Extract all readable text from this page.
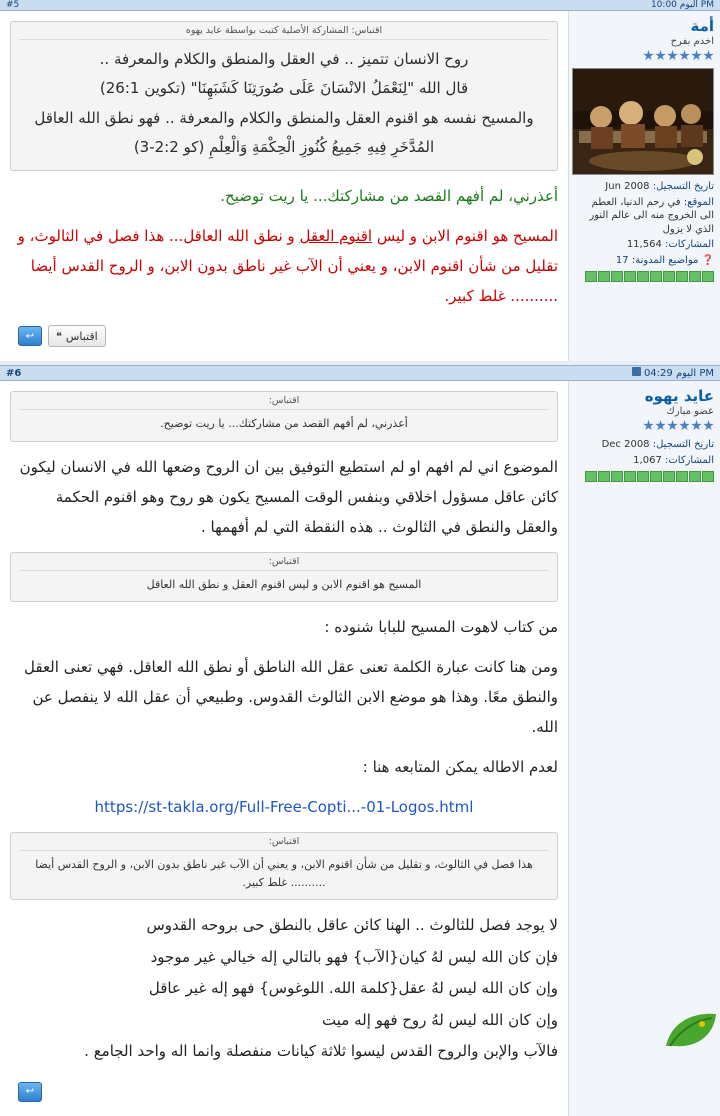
#5	اليوم 10:00 PM
أمة
اخدم بفرح
تاريخ التسجيل: Jun 2008
الموقع: في رحم الدنيا، العطم الى الخروج منه الى عالم النور الذي لا يزول
المشاركات: 11,564
❓ مواضيع المدونة: 17
اقتباس: المشاركة الأصلية كتبت بواسطة عايد يهوه
روح الانسان تتميز .. في العقل والمنطق والكلام والمعرفة ..
قال الله "لِنَعْمَلُ الانْسَانَ عَلَى صُورَتِنَا كَشَبَهِنَا" (تكوين 26:1)
والمسيح نفسه هو اقنوم العقل والمنطق والكلام والمعرفة .. فهو نطق الله العاقل
المُدَّخَرِ فِيهِ جَمِيعُ كُنُوزِ الْحِكْمَةِ وَالْعِلْمِ (كو 2:2-3)
أعذرني، لم أفهم القصد من مشاركتك... يا ريت توضيح.
المسيح هو اقنوم الابن و ليس اقنوم العقل و نطق الله العاقل... هذا فصل في الثالوث، و تقليل من شأن اقنوم الابن، و يعني أن الآب غير ناطق بدون الابن، و الروح القدس أيضا .......... غلط كبير.
↩	❝ اقتباس
#6	اليوم 04:29 PM
عايد يهوه
عضو مبارك
تاريخ التسجيل: Dec 2008
المشاركات: 1,067
اقتباس:
أعذرني، لم أفهم القصد من مشاركتك... يا ريت توضيح.
الموضوع اني لم افهم او لم استطيع التوفيق بين ان الروح وضعها الله في الانسان ليكون كائن عاقل مسؤول اخلاقي وبنفس الوقت المسيح يكون هو روح وهو اقنوم الحكمة والعقل والنطق في الثالوث .. هذه النقطة التي لم أفهمها .
اقتباس:
المسيح هو اقنوم الابن و ليس اقنوم العقل و نطق الله العاقل
من كتاب لاهوت المسيح للبابا شنوده :
ومن هنا كانت عبارة الكلمة تعنى عقل الله الناطق أو نطق الله العاقل. فهي تعنى العقل والنطق معًا. وهذا هو موضع الابن الثالوث القدوس. وطبيعي أن عقل الله لا ينفصل عن الله.
لعدم الاطاله يمكن المتابعه هنا :
https://st-takla.org/Full-Free-Copti...-01-Logos.html
اقتباس:
هذا فصل في الثالوث، و تقليل من شأن اقنوم الابن، و يعني أن الآب غير ناطق بدون الابن، و الروح القدس أيضا .......... غلط كبير.
لا يوجد فصل للثالوث .. الهنا كائن عاقل بالنطق حى بروحه القدوس
فإن كان الله ليس لهُ كيان{الآب} فهو بالتالي إله خيالي غير موجود
وإن كان الله ليس لهُ عقل{كلمة الله. اللوغوس} فهو إله غير عاقل
وإن كان الله ليس لهُ روح فهو إله ميت
فالآب والإبن والروح القدس ليسوا ثلاثة كيانات منفصلة وانما اله واحد الجامع .
↩
